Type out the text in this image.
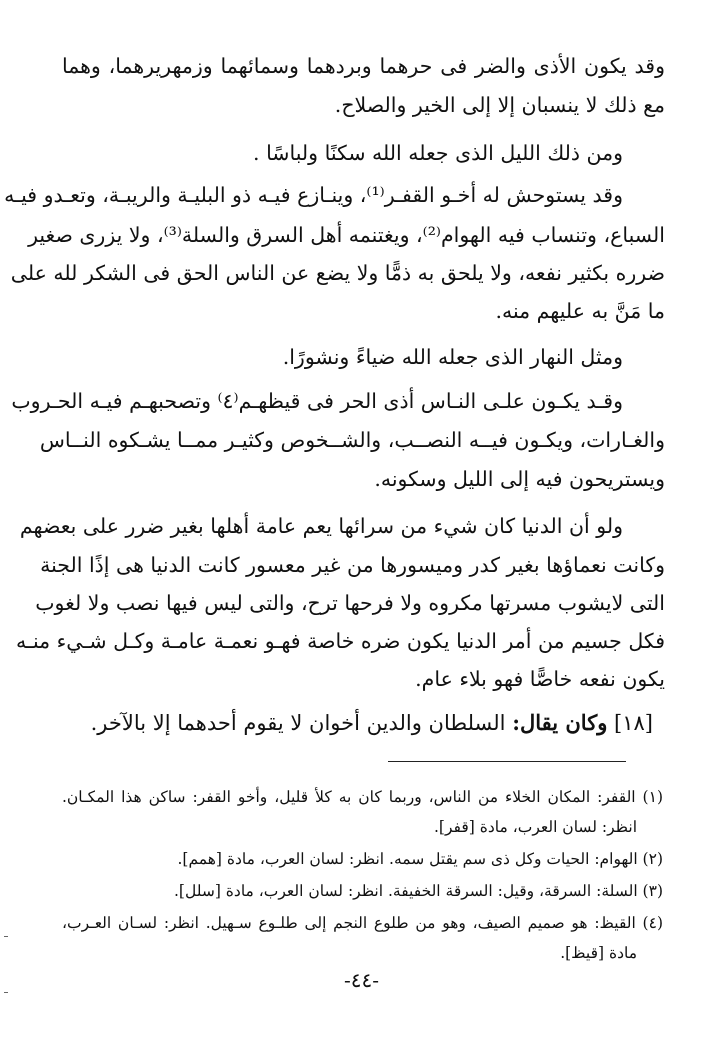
وقد يكون الأذى والضر فى حرهما وبردهما وسمائهما وزمهريرهما، وهما
مع ذلك لا ينسبان إلا إلى الخير والصلاح.
ومن ذلك الليل الذى جعله الله سكنًا ولباسًا .
وقد يستوحش له أخـو القفـر⁽¹⁾، وينـازع فيـه ذو البليـة والريبـة، وتعـدو فيـه
السباع، وتنساب فيه الهوام⁽²⁾، ويغتنمه أهل السرق والسلة⁽³⁾، ولا يزرى صغير
ضرره بكثير نفعه، ولا يلحق به ذمًّا ولا يضع عن الناس الحق فى الشكر لله على
ما مَنَّ به عليهم منه.
ومثل النهار الذى جعله الله ضياءً ونشورًا.
وقـد يكـون علـى النـاس أذى الحر فى قيظهـم⁽٤⁾ وتصحبهـم فيـه الحـروب
والغـارات، ويكـون فيــه النصــب، والشــخوص وكثيـر ممــا يشـكوه النــاس
ويستريحون فيه إلى الليل وسكونه.
ولو أن الدنيا كان شيء من سرائها يعم عامة أهلها بغير ضرر على بعضهم
وكانت نعماؤها بغير كدر وميسورها من غير معسور كانت الدنيا هى إذًا الجنة
التى لايشوب مسرتها مكروه ولا فرحها ترح، والتى ليس فيها نصب ولا لغوب
فكل جسيم من أمر الدنيا يكون ضره خاصة فهـو نعمـة عامـة وكـل شـيء منـه
يكون نفعه خاصًّا فهو بلاء عام.
[١٨] وكان يقال: السلطان والدين أخوان لا يقوم أحدهما إلا بالآخر.
(١) القفر: المكان الخلاء من الناس، وربما كان به كلأ قليل، وأخو القفر: ساكن هذا المكـان.
انظر: لسان العرب، مادة [قفر].
(٢) الهوام: الحيات وكل ذى سم يقتل سمه. انظر: لسان العرب، مادة [همم].
(٣) السلة: السرقة، وقيل: السرقة الخفيفة. انظر: لسان العرب، مادة [سلل].
(٤) القيظ: هو صميم الصيف، وهو من طلوع النجم إلى طلـوع سـهيل. انظر: لسـان العـرب،
مادة [قيظ].
-٤٤-
